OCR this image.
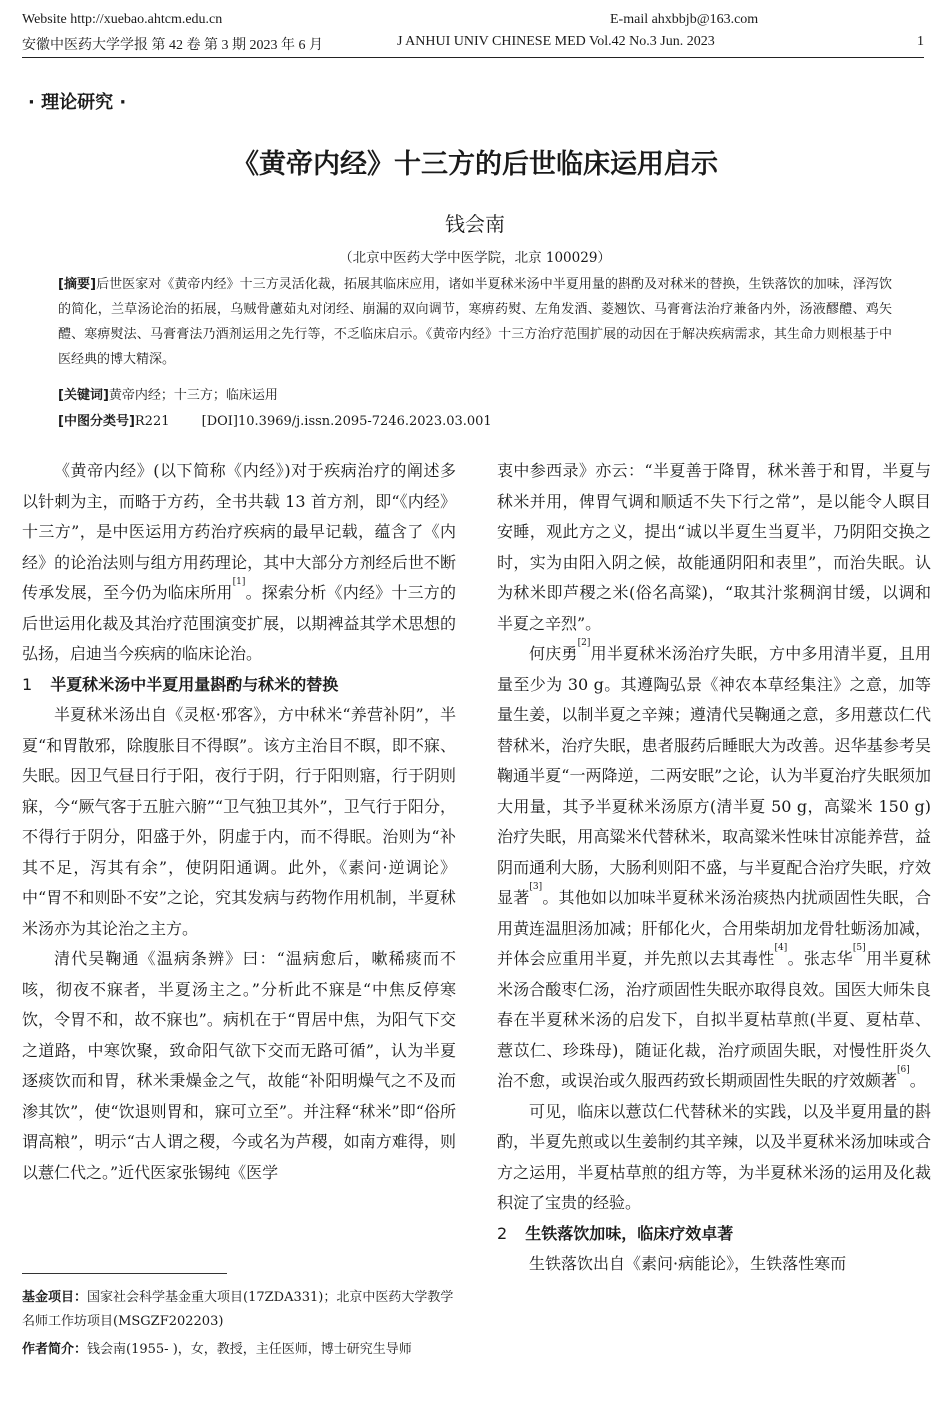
Website http://xuebao.ahtcm.edu.cn	E-mail ahxbbjb@163.com
安徽中医药大学学报 第 42 卷 第 3 期 2023 年 6 月	J ANHUI UNIV CHINESE MED Vol.42 No.3 Jun. 2023	1
· 理论研究 ·
《黄帝内经》十三方的后世临床运用启示
钱会南
（北京中医药大学中医学院，北京 100029）
[摘要]后世医家对《黄帝内经》十三方灵活化裁，拓展其临床应用，诸如半夏秫米汤中半夏用量的斟酌及对秫米的替换，生铁落饮的加味，泽泻饮的简化，兰草汤论治的拓展，乌贼骨藘茹丸对闭经、崩漏的双向调节，寒痹药熨、左角发酒、菱翘饮、马膏膏法治疗兼备内外，汤液醪醴、鸡矢醴、寒痹熨法、马膏膏法乃酒剂运用之先行等，不乏临床启示。《黄帝内经》十三方治疗范围扩展的动因在于解决疾病需求，其生命力则根基于中医经典的博大精深。
[关键词]黄帝内经；十三方；临床运用
[中图分类号]R221 [DOI]10.3969/j.issn.2095-7246.2023.03.001

《黄帝内经》(以下简称《内经》)对于疾病治疗的阐述多以针刺为主，而略于方药，全书共载 13 首方剂，即“《内经》十三方”，是中医运用方药治疗疾病的最早记载，蕴含了《内经》的论治法则与组方用药理论，其中大部分方剂经后世不断传承发展，至今仍为临床所用[1]。探索分析《内经》十三方的后世运用化裁及其治疗范围演变扩展，以期裨益其学术思想的弘扬，启迪当今疾病的临床论治。

1 半夏秫米汤中半夏用量斟酌与秫米的替换

半夏秫米汤出自《灵枢·邪客》，方中秫米“养营补阴”，半夏“和胃散邪，除腹胀目不得瞑”。该方主治目不瞑，即不寐、失眠。因卫气昼日行于阳，夜行于阴，行于阳则寤，行于阴则寐，今“厥气客于五脏六腑”“卫气独卫其外”，卫气行于阳分，不得行于阴分，阳盛于外，阴虚于内，而不得眠。治则为“补其不足，泻其有余”，使阴阳通调。此外，《素问·逆调论》中“胃不和则卧不安”之论，究其发病与药物作用机制，半夏秫米汤亦为其论治之主方。

清代吴鞠通《温病条辨》曰：“温病愈后，嗽稀痰而不咳，彻夜不寐者，半夏汤主之。”分析此不寐是“中焦反停寒饮，令胃不和，故不寐也”。病机在于“胃居中焦，为阳气下交之道路，中寒饮聚，致命阳气欲下交而无路可循”，认为半夏逐痰饮而和胃，秫米秉燥金之气，故能“补阳明燥气之不及而渗其饮”，使“饮退则胃和，寐可立至”。并注释“秫米”即“俗所谓高粮”，明示“古人谓之稷，今或名为芦稷，如南方难得，则以薏仁代之。”近代医家张锡纯《医学

衷中参西录》亦云：“半夏善于降胃，秫米善于和胃，半夏与秫米并用，俾胃气调和顺适不失下行之常”，是以能令人瞑目安睡，观此方之义，提出“诚以半夏生当夏半，乃阴阳交换之时，实为由阳入阴之候，故能通阴阳和表里”，而治失眠。认为秫米即芦稷之米(俗名高粱)，“取其汁浆稠润甘缓，以调和半夏之辛烈”。

何庆勇[2]用半夏秫米汤治疗失眠，方中多用清半夏，且用量至少为 30 g。其遵陶弘景《神农本草经集注》之意，加等量生姜，以制半夏之辛辣；遵清代吴鞠通之意，多用薏苡仁代替秫米，治疗失眠，患者服药后睡眠大为改善。迟华基参考吴鞠通半夏“一两降逆，二两安眠”之论，认为半夏治疗失眠须加大用量，其予半夏秫米汤原方(清半夏 50 g，高粱米 150 g)治疗失眠，用高粱米代替秫米，取高粱米性味甘凉能养营，益阴而通利大肠，大肠利则阳不盛，与半夏配合治疗失眠，疗效显著[3]。其他如以加味半夏秫米汤治痰热内扰顽固性失眠，合用黄连温胆汤加减；肝郁化火，合用柴胡加龙骨牡蛎汤加减，并体会应重用半夏，并先煎以去其毒性[4]。张志华[5]用半夏秫米汤合酸枣仁汤，治疗顽固性失眠亦取得良效。国医大师朱良春在半夏秫米汤的启发下，自拟半夏枯草煎(半夏、夏枯草、薏苡仁、珍珠母)，随证化裁，治疗顽固失眠，对慢性肝炎久治不愈，或误治或久服西药致长期顽固性失眠的疗效颇著[6]。

可见，临床以薏苡仁代替秫米的实践，以及半夏用量的斟酌，半夏先煎或以生姜制约其辛辣，以及半夏秫米汤加味或合方之运用，半夏枯草煎的组方等，为半夏秫米汤的运用及化裁积淀了宝贵的经验。

2 生铁落饮加味，临床疗效卓著

生铁落饮出自《素问·病能论》，生铁落性寒而

基金项目：国家社会科学基金重大项目(17ZDA331)；北京中医药大学教学名师工作坊项目(MSGZF202203)
作者简介：钱会南(1955- )，女，教授，主任医师，博士研究生导师
